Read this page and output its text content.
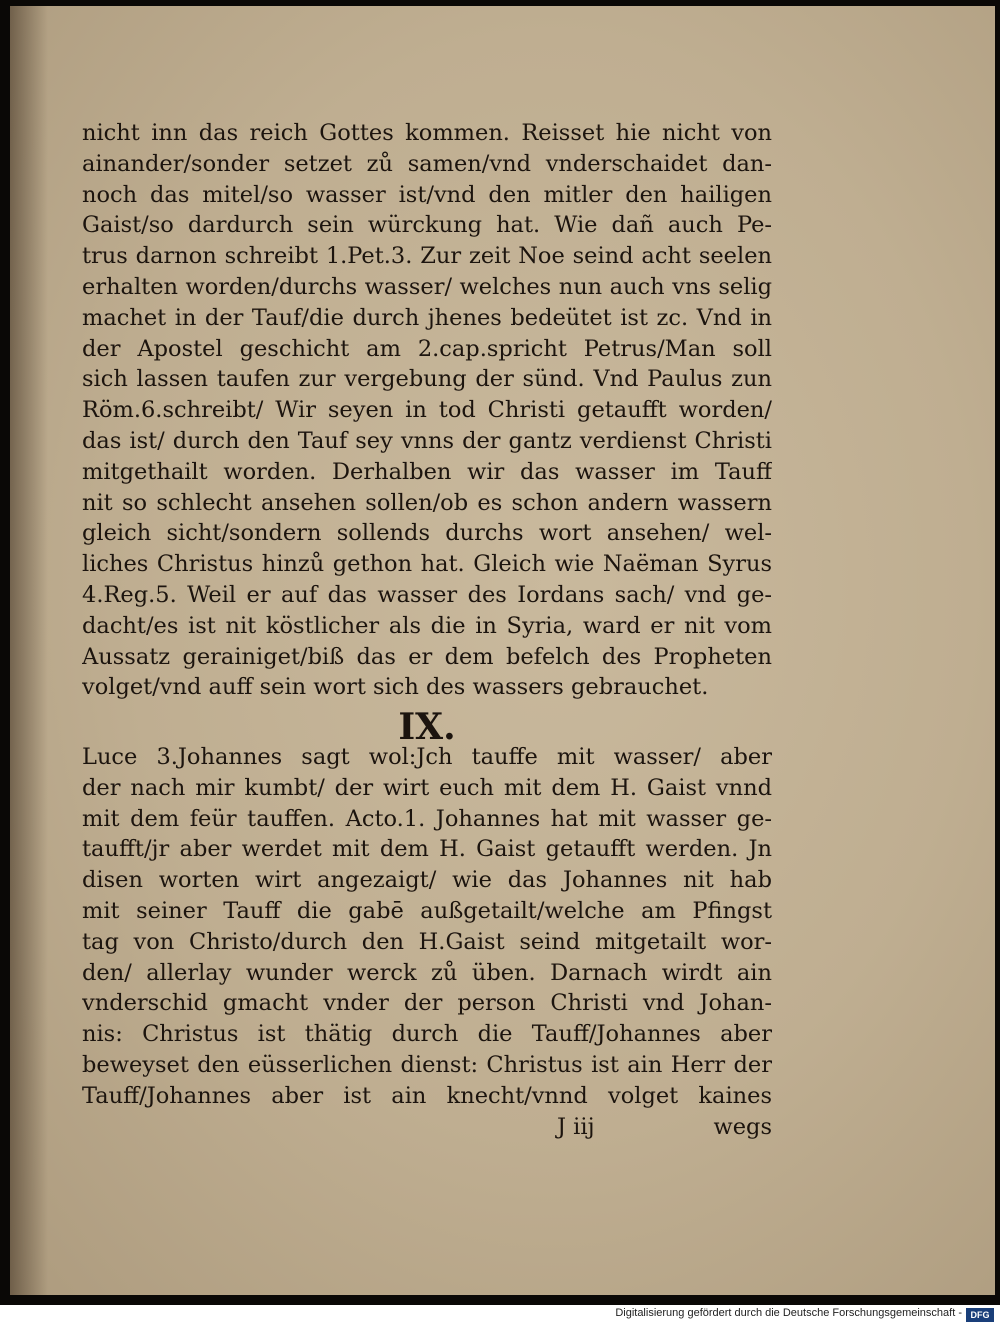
nicht inn das reich Gottes kommen. Reisset hie nicht von
ainander/sonder setzet zů samen/vnd vnderschaidet dan-
noch das mitel/so wasser ist/vnd den mitler den hailigen
Gaist/so dardurch sein würckung hat. Wie dañ auch Pe-
trus darnon schreibt 1.Pet.3. Zur zeit Noe seind acht seelen
erhalten worden/durchs wasser/ welches nun auch vns selig
machet in der Tauf/die durch jhenes bedeütet ist zc. Vnd in
der Apostel geschicht am 2.cap.spricht Petrus/Man soll
sich lassen taufen zur vergebung der sünd. Vnd Paulus zun
Röm.6.schreibt/ Wir seyen in tod Christi getaufft worden/
das ist/ durch den Tauf sey vnns der gantz verdienst Christi
mitgethailt worden. Derhalben wir das wasser im Tauff
nit so schlecht ansehen sollen/ob es schon andern wassern
gleich sicht/sondern sollends durchs wort ansehen/ wel-
liches Christus hinzů gethon hat. Gleich wie Naëman Syrus
4.Reg.5. Weil er auf das wasser des Iordans sach/ vnd ge-
dacht/es ist nit köstlicher als die in Syria, ward er nit vom
Aussatz gerainiget/biß das er dem befelch des Propheten
volget/vnd auff sein wort sich des wassers gebrauchet.
IX.
Luce 3.Johannes sagt wol:Jch tauffe mit wasser/ aber
der nach mir kumbt/ der wirt euch mit dem H. Gaist vnnd
mit dem feür tauffen. Acto.1. Johannes hat mit wasser ge-
taufft/jr aber werdet mit dem H. Gaist getaufft werden. Jn
disen worten wirt angezaigt/ wie das Johannes nit hab
mit seiner Tauff die gabē außgetailt/welche am Pfingst
tag von Christo/durch den H.Gaist seind mitgetailt wor-
den/ allerlay wunder werck zů üben. Darnach wirdt ain
vnderschid gmacht vnder der person Christi vnd Johan-
nis: Christus ist thätig durch die Tauff/Johannes aber
beweyset den eüsserlichen dienst: Christus ist ain Herr der
Tauff/Johannes aber ist ain knecht/vnnd volget kaines
J iij	wegs
Digitalisierung gefördert durch die Deutsche Forschungsgemeinschaft - DFG
